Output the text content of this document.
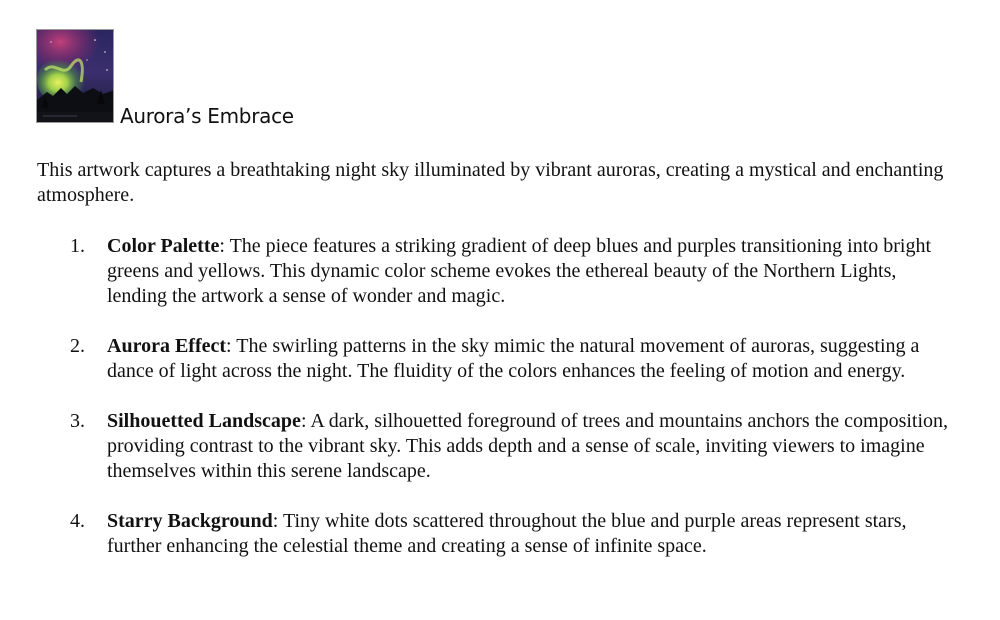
Aurora’s Embrace

This artwork captures a breathtaking night sky illuminated by vibrant auroras, creating a mystical and enchanting atmosphere.

1. Color Palette: The piece features a striking gradient of deep blues and purples transitioning into bright greens and yellows. This dynamic color scheme evokes the ethereal beauty of the Northern Lights, lending the artwork a sense of wonder and magic.
2. Aurora Effect: The swirling patterns in the sky mimic the natural movement of auroras, suggesting a dance of light across the night. The fluidity of the colors enhances the feeling of motion and energy.
3. Silhouetted Landscape: A dark, silhouetted foreground of trees and mountains anchors the composition, providing contrast to the vibrant sky. This adds depth and a sense of scale, inviting viewers to imagine themselves within this serene landscape.
4. Starry Background: Tiny white dots scattered throughout the blue and purple areas represent stars, further enhancing the celestial theme and creating a sense of infinite space.
